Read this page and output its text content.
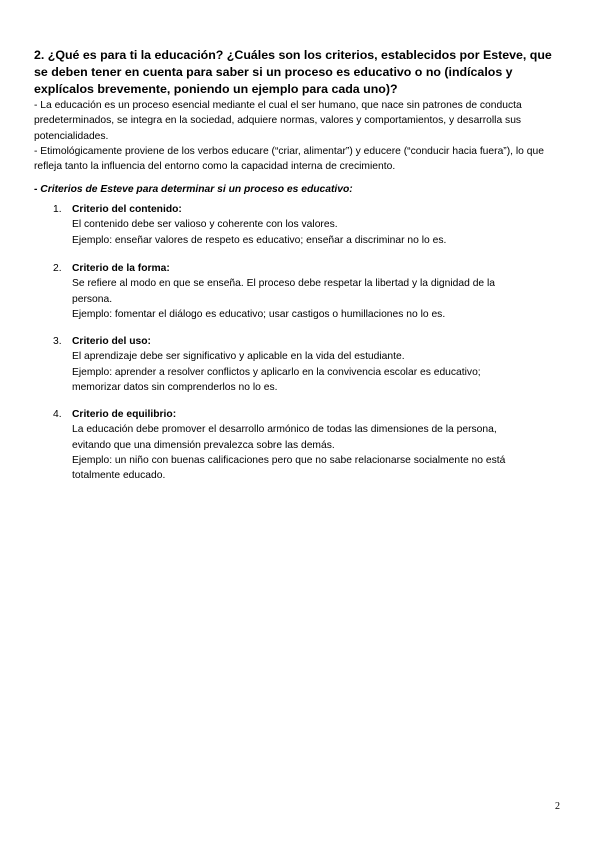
2. ¿Qué es para ti la educación? ¿Cuáles son los criterios, establecidos por Esteve, que se deben tener en cuenta para saber si un proceso es educativo o no (indícalos y explícalos brevemente, poniendo un ejemplo para cada uno)?

- La educación es un proceso esencial mediante el cual el ser humano, que nace sin patrones de conducta predeterminados, se integra en la sociedad, adquiere normas, valores y comportamientos, y desarrolla sus potencialidades.

- Etimológicamente proviene de los verbos educare (“criar, alimentar”) y educere (“conducir hacia fuera”), lo que refleja tanto la influencia del entorno como la capacidad interna de crecimiento.

- Criterios de Esteve para determinar si un proceso es educativo:

1.	Criterio del contenido:
El contenido debe ser valioso y coherente con los valores.
Ejemplo: enseñar valores de respeto es educativo; enseñar a discriminar no lo es.
2.	Criterio de la forma:
Se refiere al modo en que se enseña. El proceso debe respetar la libertad y la dignidad de la persona.
Ejemplo: fomentar el diálogo es educativo; usar castigos o humillaciones no lo es.
3.	Criterio del uso:
El aprendizaje debe ser significativo y aplicable en la vida del estudiante.
Ejemplo: aprender a resolver conflictos y aplicarlo en la convivencia escolar es educativo; memorizar datos sin comprenderlos no lo es.
4.	Criterio de equilibrio:
La educación debe promover el desarrollo armónico de todas las dimensiones de la persona, evitando que una dimensión prevalezca sobre las demás.
Ejemplo: un niño con buenas calificaciones pero que no sabe relacionarse socialmente no está totalmente educado.
2
